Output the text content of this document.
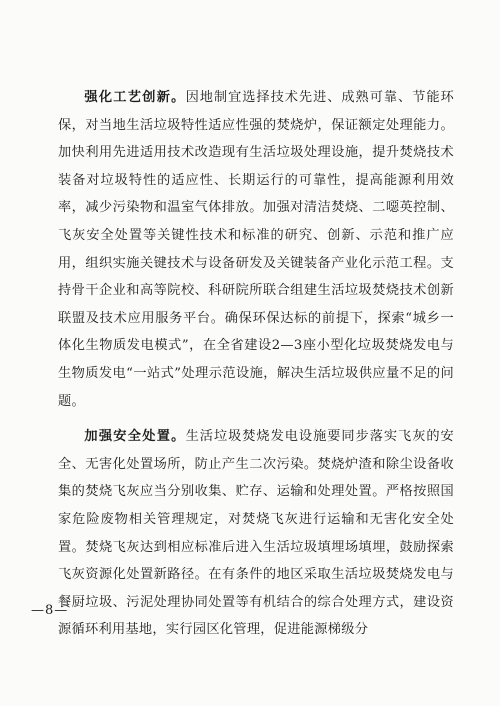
强化工艺创新。因地制宜选择技术先进、成熟可靠、节能环保，对当地生活垃圾特性适应性强的焚烧炉，保证额定处理能力。加快利用先进适用技术改造现有生活垃圾处理设施，提升焚烧技术装备对垃圾特性的适应性、长期运行的可靠性，提高能源利用效率，减少污染物和温室气体排放。加强对清洁焚烧、二噁英控制、飞灰安全处置等关键性技术和标准的研究、创新、示范和推广应用，组织实施关键技术与设备研发及关键装备产业化示范工程。支持骨干企业和高等院校、科研院所联合组建生活垃圾焚烧技术创新联盟及技术应用服务平台。确保环保达标的前提下，探索“城乡一体化生物质发电模式”，在全省建设2—3座小型化垃圾焚烧发电与生物质发电“一站式”处理示范设施，解决生活垃圾供应量不足的问题。

加强安全处置。生活垃圾焚烧发电设施要同步落实飞灰的安全、无害化处置场所，防止产生二次污染。焚烧炉渣和除尘设备收集的焚烧飞灰应当分别收集、贮存、运输和处理处置。严格按照国家危险废物相关管理规定，对焚烧飞灰进行运输和无害化安全处置。焚烧飞灰达到相应标准后进入生活垃圾填埋场填埋，鼓励探索飞灰资源化处置新路径。在有条件的地区采取生活垃圾焚烧发电与餐厨垃圾、污泥处理协同处置等有机结合的综合处理方式，建设资源循环利用基地，实行园区化管理，促进能源梯级分

—8—
